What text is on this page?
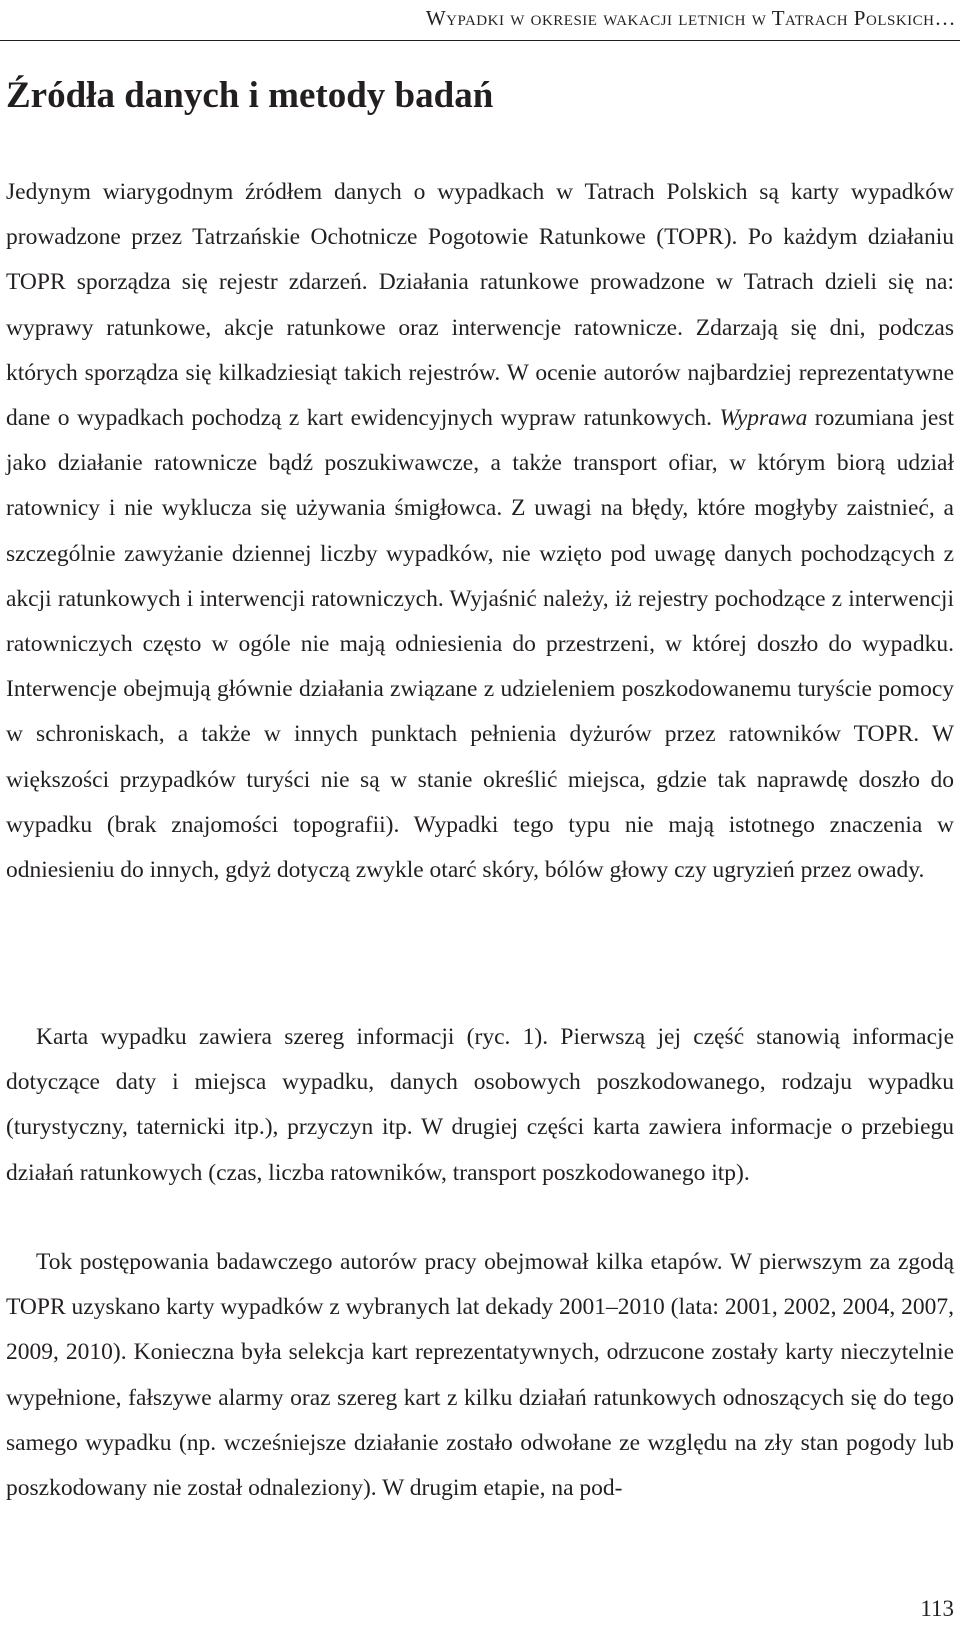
Wypadki w okresie wakacji letnich w Tatrach Polskich…
Źródła danych i metody badań

Jedynym wiarygodnym źródłem danych o wypadkach w Tatrach Polskich są karty wypadków prowadzone przez Tatrzańskie Ochotnicze Pogotowie Ratunkowe (TOPR). Po każdym działaniu TOPR sporządza się rejestr zdarzeń. Działania ratunkowe prowadzone w Tatrach dzieli się na: wyprawy ratunkowe, akcje ratunkowe oraz interwencje ratownicze. Zdarzają się dni, podczas których sporządza się kilkadziesiąt takich rejestrów. W ocenie autorów najbardziej reprezentatywne dane o wypadkach pochodzą z kart ewidencyjnych wypraw ratunkowych. Wyprawa rozumiana jest jako działanie ratownicze bądź poszukiwawcze, a także transport ofiar, w którym biorą udział ratownicy i nie wyklucza się używania śmigłowca. Z uwagi na błędy, które mogłyby zaistnieć, a szczególnie zawyżanie dziennej liczby wypadków, nie wzięto pod uwagę danych pochodzących z akcji ratunkowych i interwencji ratowniczych. Wyjaśnić należy, iż rejestry pochodzące z interwencji ratowniczych często w ogóle nie mają odniesienia do przestrzeni, w której doszło do wypadku. Interwencje obejmują głównie działania związane z udzieleniem poszkodowanemu turyście pomocy w schroniskach, a także w innych punktach pełnienia dyżurów przez ratowników TOPR. W większości przypadków turyści nie są w stanie określić miejsca, gdzie tak naprawdę doszło do wypadku (brak znajomości topografii). Wypadki tego typu nie mają istotnego znaczenia w odniesieniu do innych, gdyż dotyczą zwykle otarć skóry, bólów głowy czy ugryzień przez owady.

Karta wypadku zawiera szereg informacji (ryc. 1). Pierwszą jej część stanowią informacje dotyczące daty i miejsca wypadku, danych osobowych poszkodowanego, rodzaju wypadku (turystyczny, taternicki itp.), przyczyn itp. W drugiej części karta zawiera informacje o przebiegu działań ratunkowych (czas, liczba ratowników, transport poszkodowanego itp).

Tok postępowania badawczego autorów pracy obejmował kilka etapów. W pierwszym za zgodą TOPR uzyskano karty wypadków z wybranych lat dekady 2001–2010 (lata: 2001, 2002, 2004, 2007, 2009, 2010). Konieczna była selekcja kart reprezentatywnych, odrzucone zostały karty nieczytelnie wypełnione, fałszywe alarmy oraz szereg kart z kilku działań ratunkowych odnoszących się do tego samego wypadku (np. wcześniejsze działanie zostało odwołane ze względu na zły stan pogody lub poszkodowany nie został odnaleziony). W drugim etapie, na pod-

113
